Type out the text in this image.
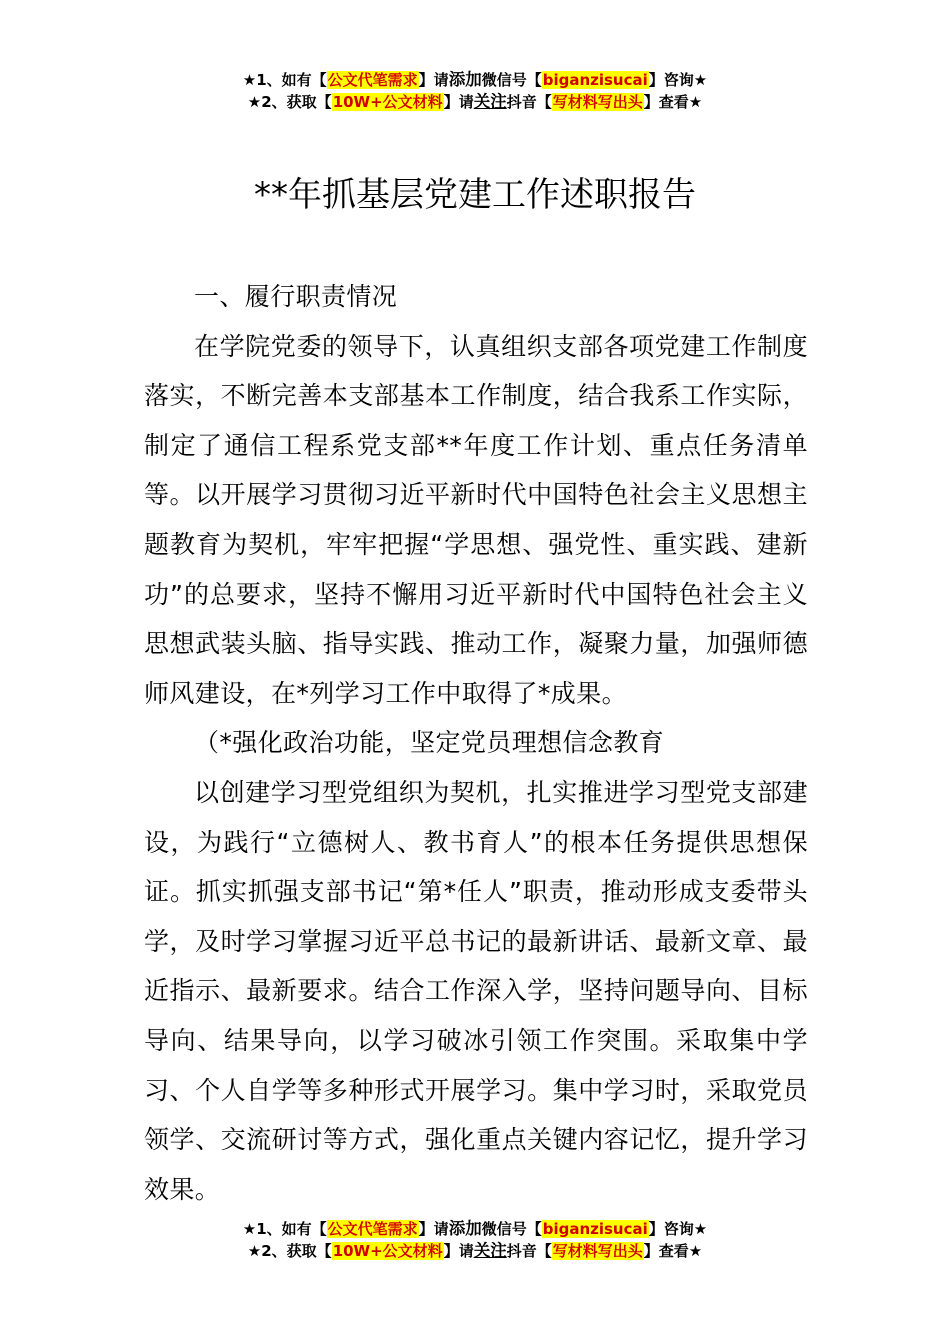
★1、如有【公文代笔需求】请添加微信号【biganzisucai】咨询★
★2、获取【10W+公文材料】请关注抖音【写材料写出头】查看★
**年抓基层党建工作述职报告

一、履行职责情况

在学院党委的领导下，认真组织支部各项党建工作制度落实，不断完善本支部基本工作制度，结合我系工作实际，制定了通信工程系党支部**年度工作计划、重点任务清单等。以开展学习贯彻习近平新时代中国特色社会主义思想主题教育为契机，牢牢把握“学思想、强党性、重实践、建新功”的总要求，坚持不懈用习近平新时代中国特色社会主义思想武装头脑、指导实践、推动工作，凝聚力量，加强师德师风建设，在*列学习工作中取得了*成果。

（*强化政治功能，坚定党员理想信念教育

以创建学习型党组织为契机，扎实推进学习型党支部建设，为践行“立德树人、教书育人”的根本任务提供思想保证。抓实抓强支部书记“第*任人”职责，推动形成支委带头学，及时学习掌握习近平总书记的最新讲话、最新文章、最近指示、最新要求。结合工作深入学，坚持问题导向、目标导向、结果导向，以学习破冰引领工作突围。采取集中学习、个人自学等多种形式开展学习。集中学习时，采取党员领学、交流研讨等方式，强化重点关键内容记忆，提升学习效果。

★1、如有【公文代笔需求】请添加微信号【biganzisucai】咨询★
★2、获取【10W+公文材料】请关注抖音【写材料写出头】查看★
